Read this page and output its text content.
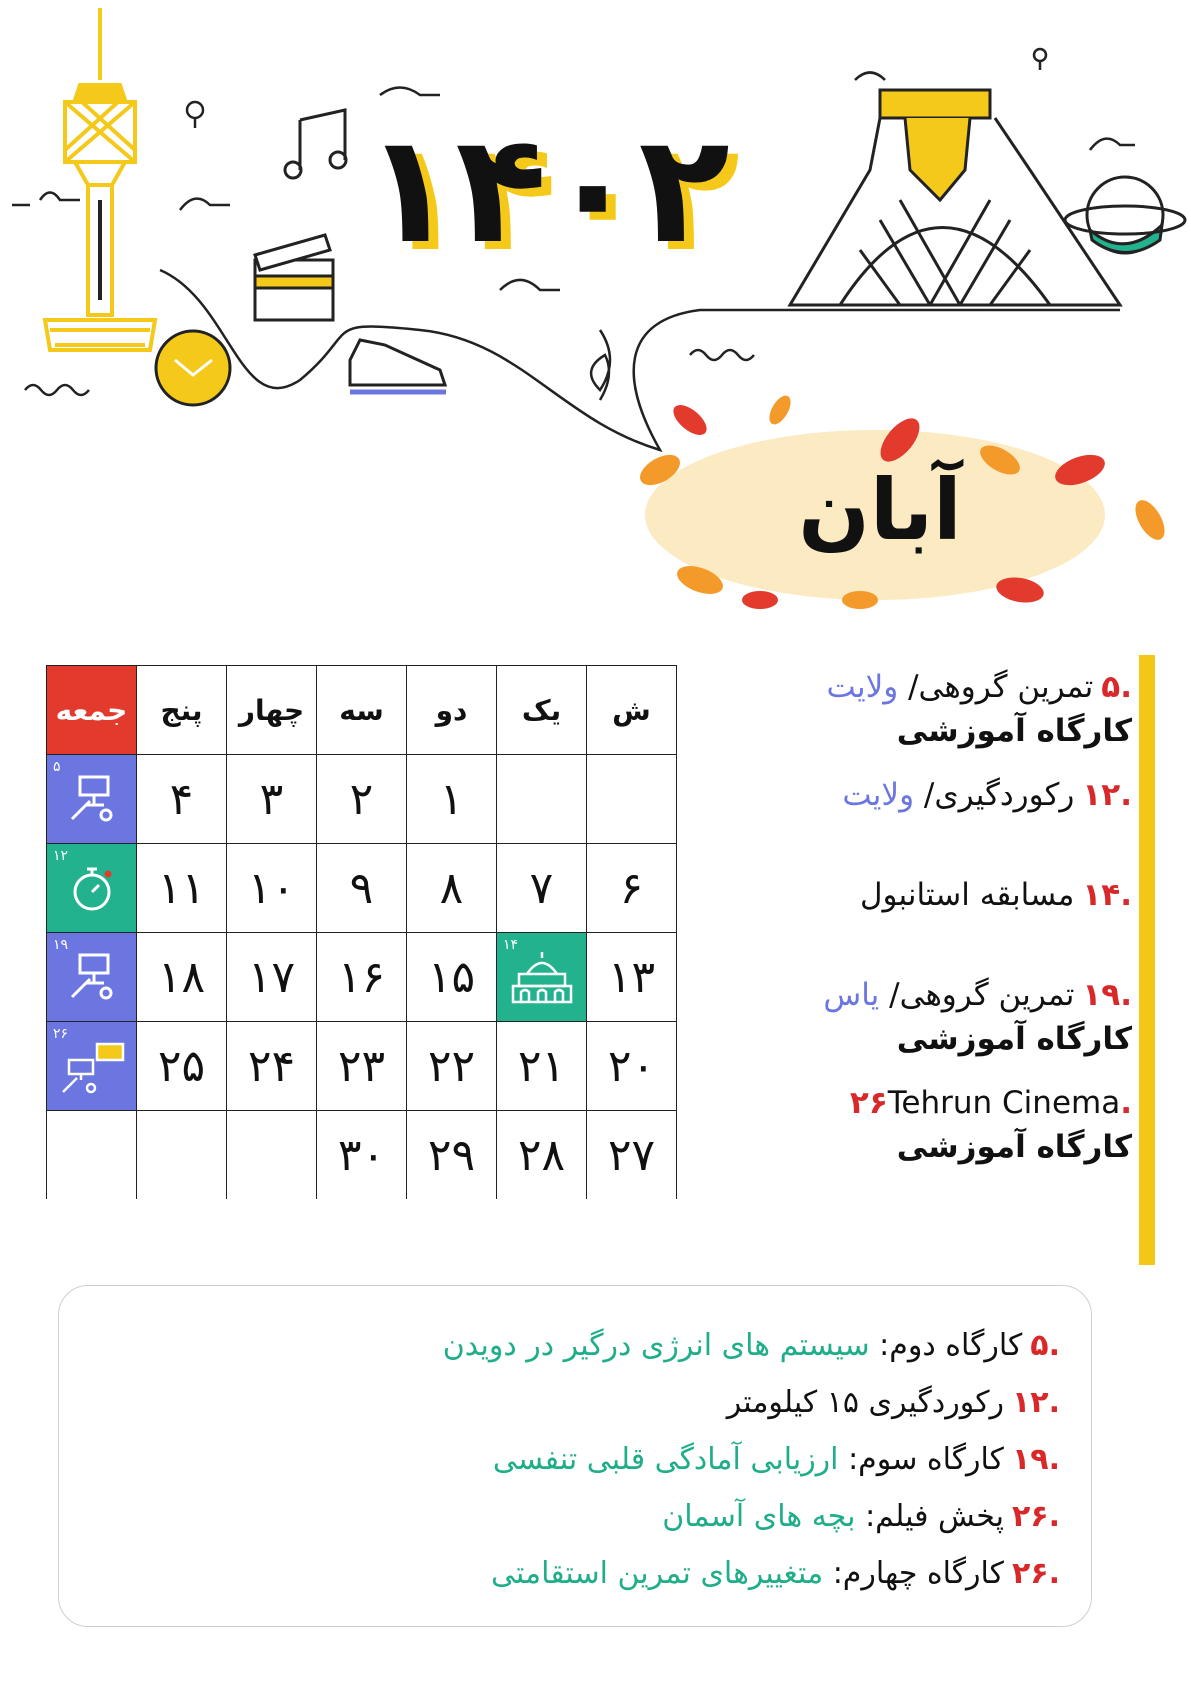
۱۴۰۲
آبان
ش	یک	دو	سه	چهار	پنج	جمعه
		۱	۲	۳	۴	۵

۶	۷	۸	۹	۱۰	۱۱	۱۲

۱۳	۱۴	۱۵	۱۶	۱۷	۱۸	۱۹

۲۰	۲۱	۲۲	۲۳	۲۴	۲۵	۲۶

۲۷	۲۸	۲۹	۳۰			
.۵تمرین گروهی/ ولایت
کارگاه آموزشی
.۱۲رکوردگیری/ ولایت
.۱۴مسابقه استانبول
.۱۹تمرین گروهی/ یاس
کارگاه آموزشی
.۲۶Tehrun Cinema
کارگاه آموزشی
.۵کارگاه دوم: سیستم های انرژی درگیر در دویدن
.۱۲رکوردگیری ۱۵ کیلومتر
.۱۹کارگاه سوم: ارزیابی آمادگی قلبی تنفسی
.۲۶پخش فیلم: بچه های آسمان
.۲۶کارگاه چهارم: متغییرهای تمرین استقامتی
